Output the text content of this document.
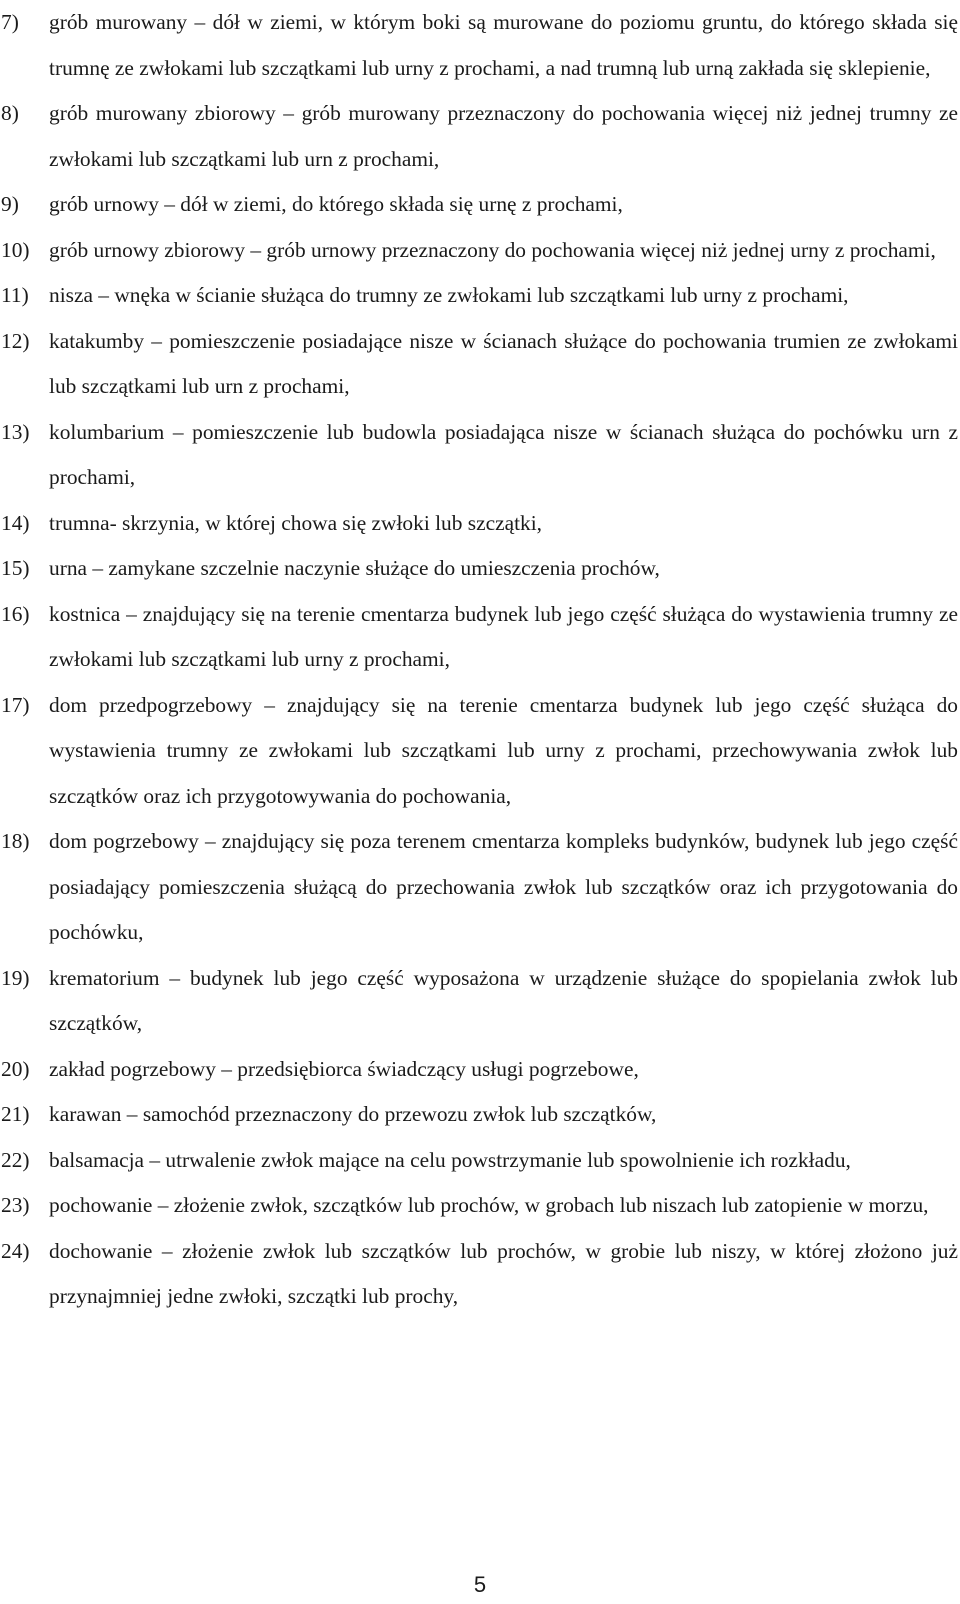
7) grób murowany – dół w ziemi, w którym boki są murowane do poziomu gruntu, do którego składa się trumnę ze zwłokami lub szczątkami lub urny z prochami, a nad trumną lub urną zakłada się sklepienie,
8) grób murowany zbiorowy – grób murowany przeznaczony do pochowania więcej niż jednej trumny ze zwłokami lub szczątkami lub urn z prochami,
9) grób urnowy – dół w ziemi, do którego składa się urnę z prochami,
10) grób urnowy zbiorowy – grób urnowy przeznaczony do pochowania więcej niż jednej urny z prochami,
11) nisza – wnęka w ścianie służąca do trumny ze zwłokami lub szczątkami lub urny z prochami,
12) katakumby – pomieszczenie posiadające nisze w ścianach służące do pochowania trumien ze zwłokami lub szczątkami lub urn z prochami,
13) kolumbarium – pomieszczenie lub budowla posiadająca nisze w ścianach służąca do pochówku urn z prochami,
14) trumna- skrzynia, w której chowa się zwłoki lub szczątki,
15) urna – zamykane szczelnie naczynie służące do umieszczenia prochów,
16) kostnica – znajdujący się na terenie cmentarza budynek lub jego część służąca do wystawienia trumny ze zwłokami lub szczątkami lub urny z prochami,
17) dom przedpogrzebowy – znajdujący się na terenie cmentarza budynek lub jego część służąca do wystawienia trumny ze zwłokami lub szczątkami lub urny z prochami, przechowywania zwłok lub szczątków oraz ich przygotowywania do pochowania,
18) dom pogrzebowy – znajdujący się poza terenem cmentarza kompleks budynków, budynek lub jego część posiadający pomieszczenia służącą do przechowania zwłok lub szczątków oraz ich przygotowania do pochówku,
19) krematorium – budynek lub jego część wyposażona w urządzenie służące do spopielania zwłok lub szczątków,
20) zakład pogrzebowy – przedsiębiorca świadczący usługi pogrzebowe,
21) karawan – samochód przeznaczony do przewozu zwłok lub szczątków,
22) balsamacja – utrwalenie zwłok mające na celu powstrzymanie lub spowolnienie ich rozkładu,
23) pochowanie – złożenie zwłok, szczątków lub prochów, w grobach lub niszach lub zatopienie w morzu,
24) dochowanie – złożenie zwłok lub szczątków lub prochów, w grobie lub niszy, w której złożono już przynajmniej jedne zwłoki, szczątki lub prochy,
5
